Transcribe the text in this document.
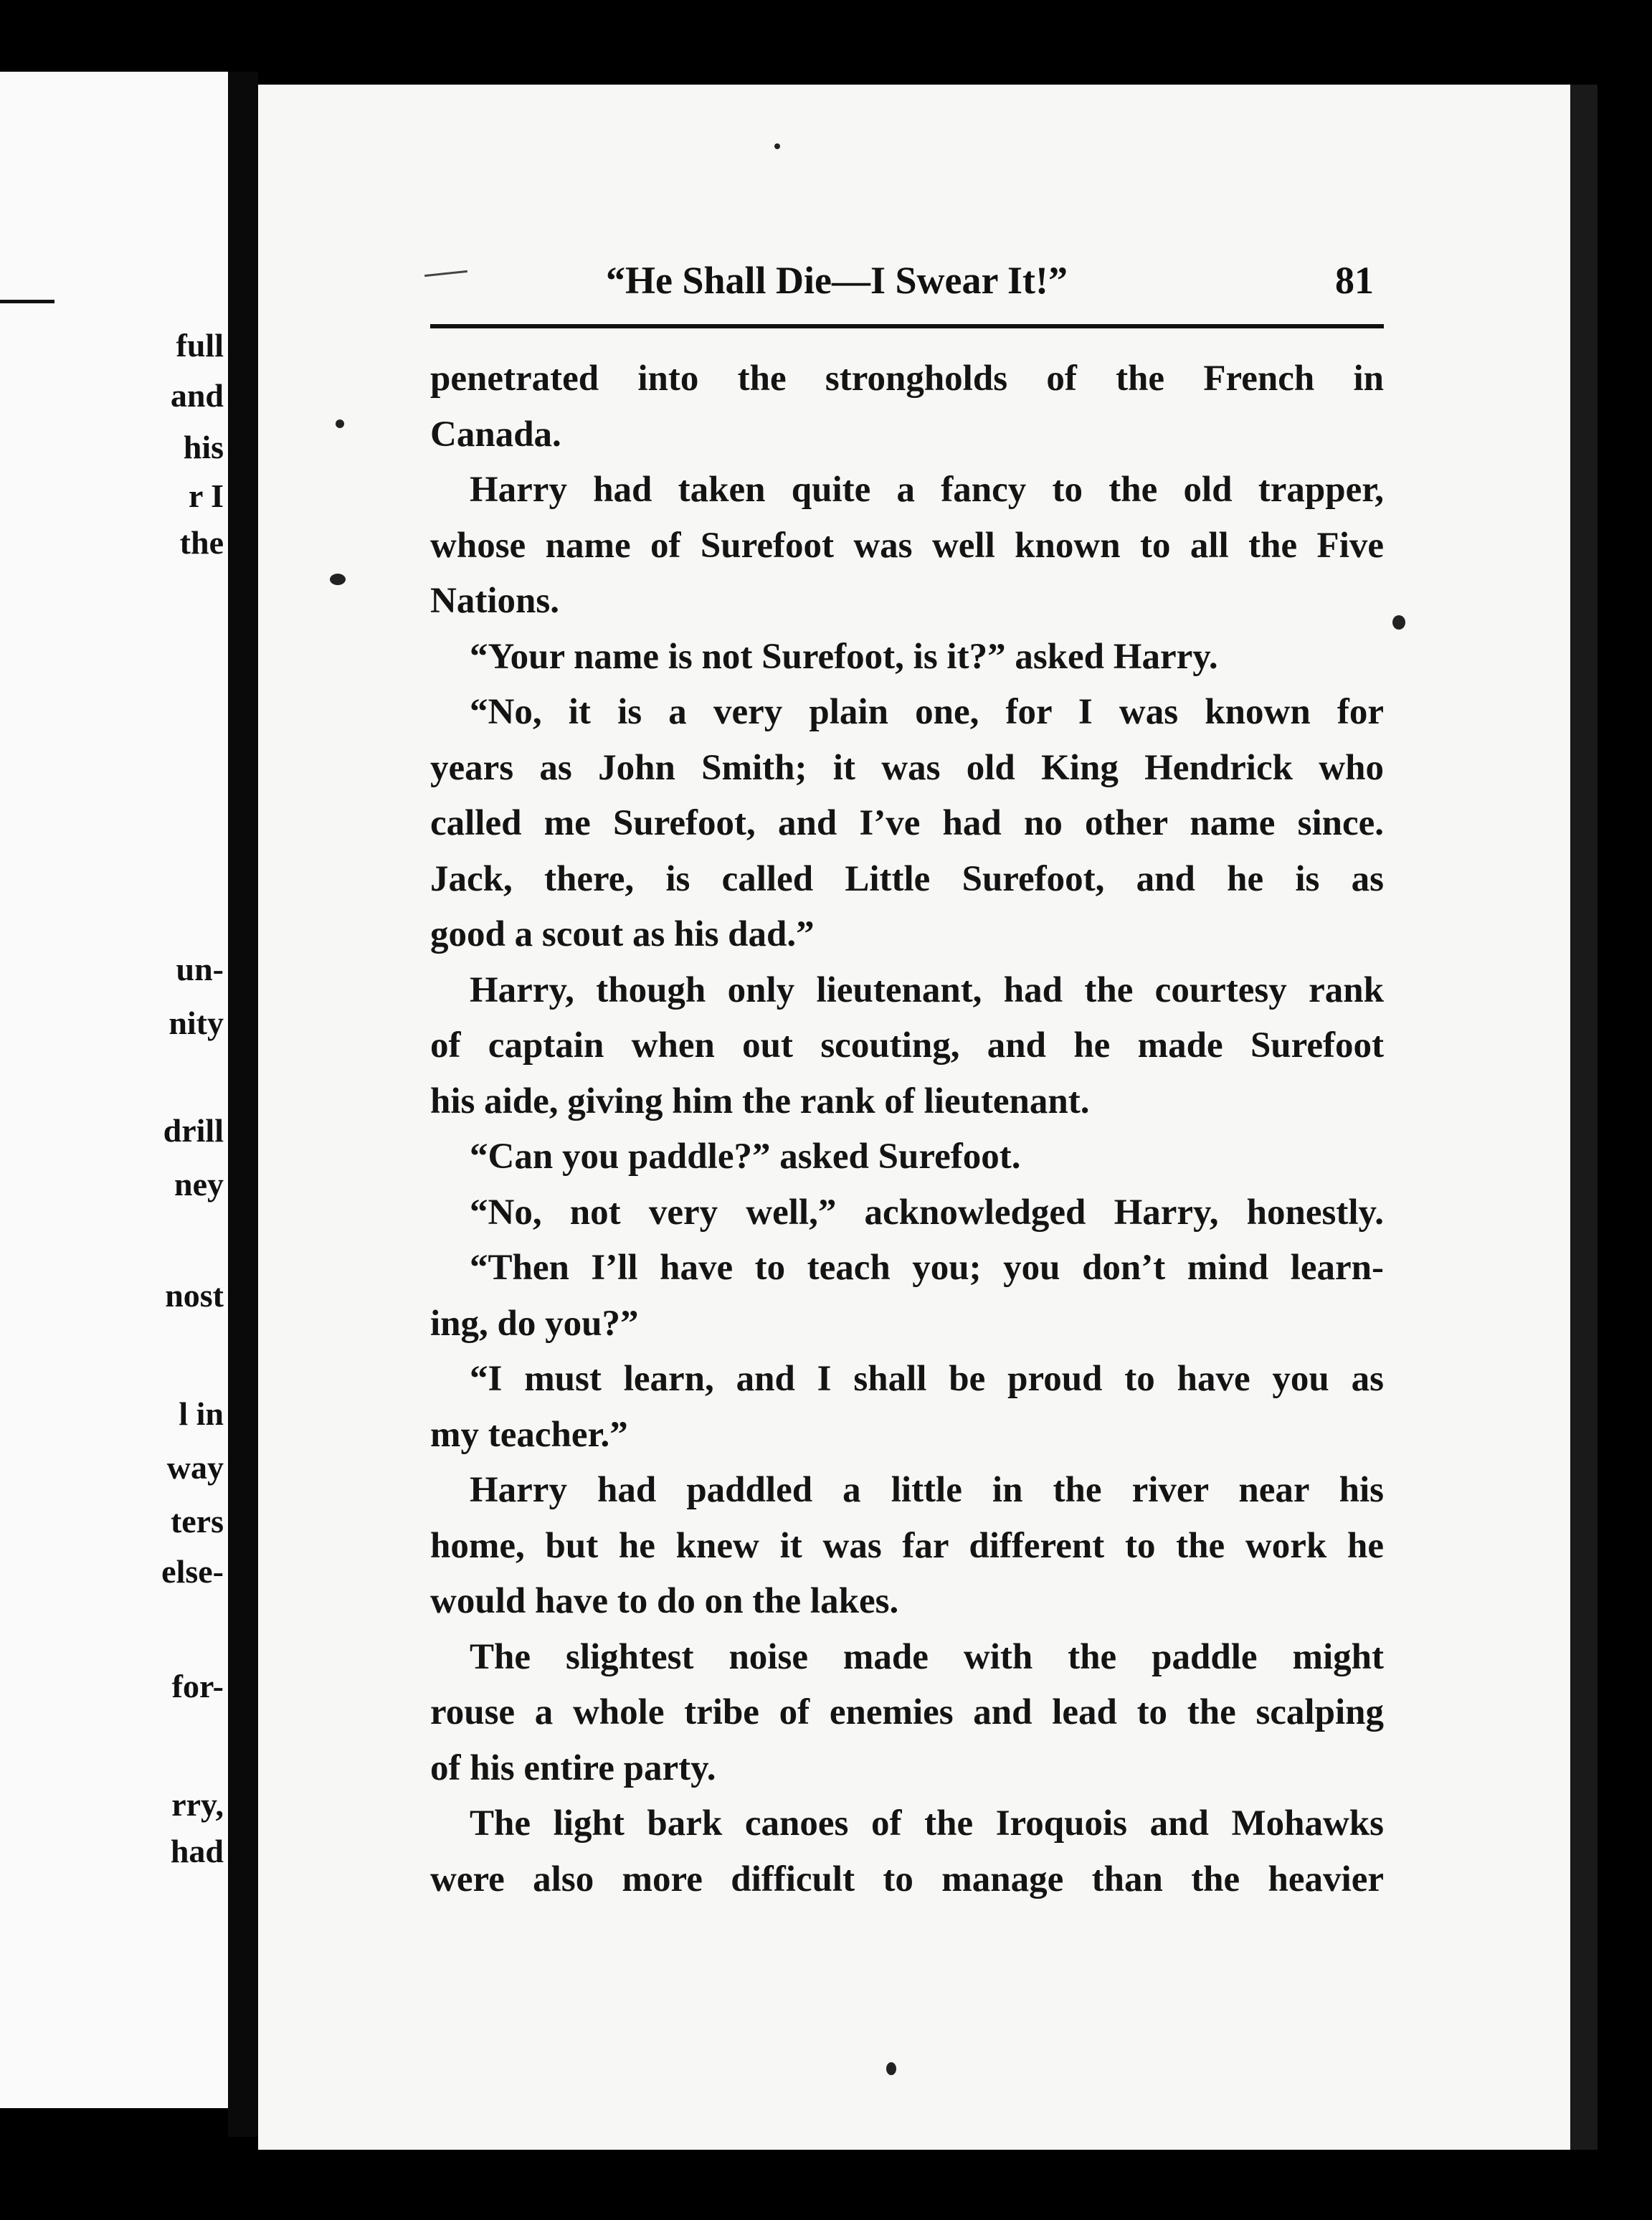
full
and
his
r I
the
un-
nity
drill
ney
nost
l in
way
ters
else-
for-
rry,
had
“He Shall Die—I Swear It!”	81
penetrated into the strongholds of the French in
Canada.
Harry had taken quite a fancy to the old trapper,
whose name of Surefoot was well known to all the Five
Nations.
“Your name is not Surefoot, is it?” asked Harry.
“No, it is a very plain one, for I was known for
years as John Smith; it was old King Hendrick who
called me Surefoot, and I’ve had no other name since.
Jack, there, is called Little Surefoot, and he is as
good a scout as his dad.”
Harry, though only lieutenant, had the courtesy rank
of captain when out scouting, and he made Surefoot
his aide, giving him the rank of lieutenant.
“Can you paddle?” asked Surefoot.
“No, not very well,” acknowledged Harry, honestly.
“Then I’ll have to teach you; you don’t mind learn-
ing, do you?”
“I must learn, and I shall be proud to have you as
my teacher.”
Harry had paddled a little in the river near his
home, but he knew it was far different to the work he
would have to do on the lakes.
The slightest noise made with the paddle might
rouse a whole tribe of enemies and lead to the scalping
of his entire party.
The light bark canoes of the Iroquois and Mohawks
were also more difficult to manage than the heavier
